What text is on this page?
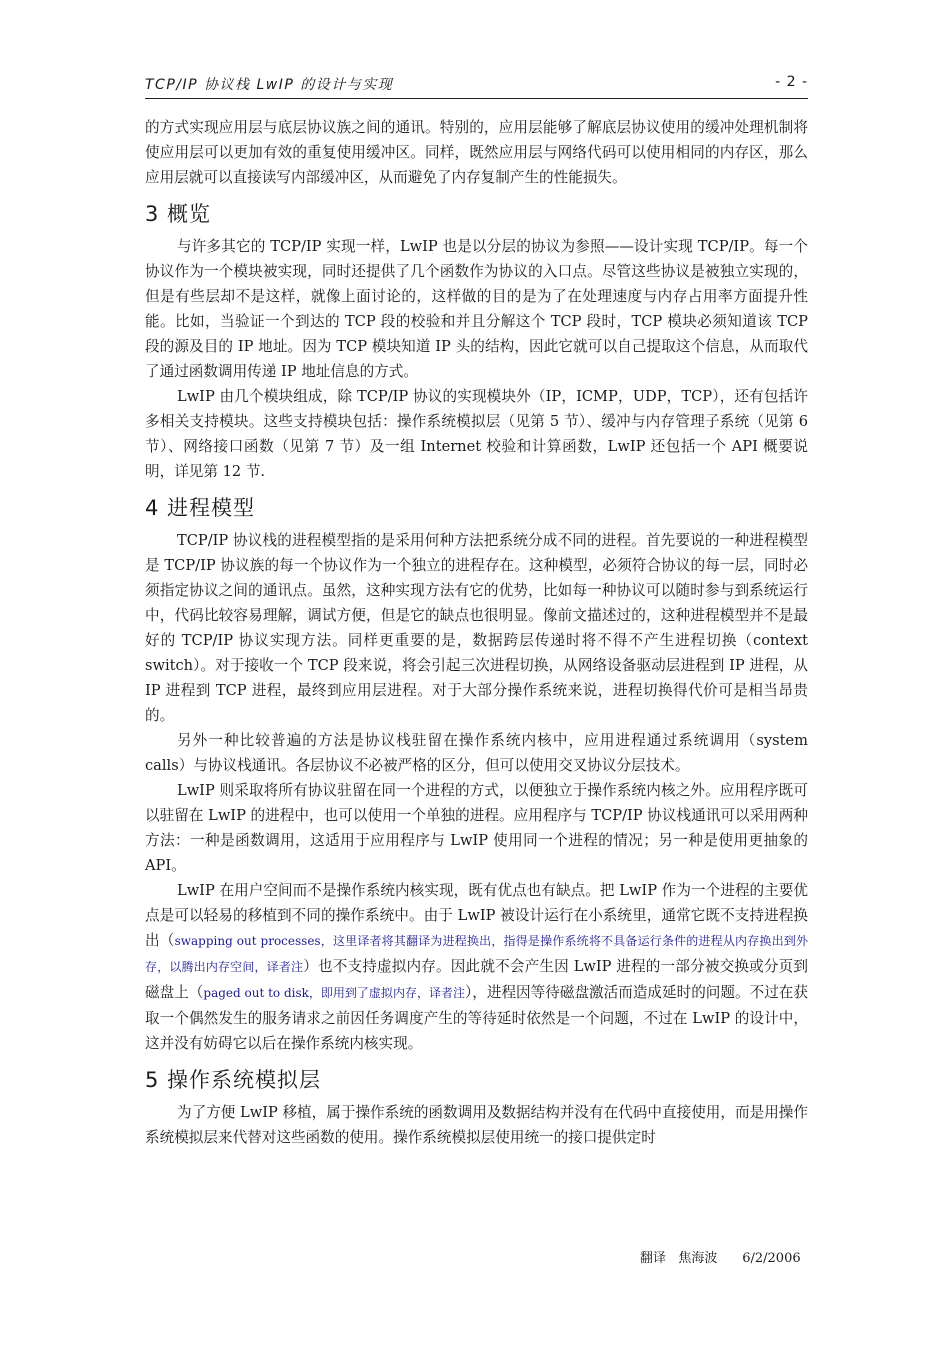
TCP/IP 协议栈 LwIP 的设计与实现	- 2 -

的方式实现应用层与底层协议族之间的通讯。特别的，应用层能够了解底层协议使用的缓冲处理机制将使应用层可以更加有效的重复使用缓冲区。同样，既然应用层与网络代码可以使用相同的内存区，那么应用层就可以直接读写内部缓冲区，从而避免了内存复制产生的性能损失。

3 概览

与许多其它的 TCP/IP 实现一样，LwIP 也是以分层的协议为参照——设计实现 TCP/IP。每一个协议作为一个模块被实现，同时还提供了几个函数作为协议的入口点。尽管这些协议是被独立实现的，但是有些层却不是这样，就像上面讨论的，这样做的目的是为了在处理速度与内存占用率方面提升性能。比如，当验证一个到达的 TCP 段的校验和并且分解这个 TCP 段时，TCP 模块必须知道该 TCP 段的源及目的 IP 地址。因为 TCP 模块知道 IP 头的结构，因此它就可以自己提取这个信息，从而取代了通过函数调用传递 IP 地址信息的方式。

LwIP 由几个模块组成，除 TCP/IP 协议的实现模块外（IP，ICMP，UDP，TCP），还有包括许多相关支持模块。这些支持模块包括：操作系统模拟层（见第 5 节）、缓冲与内存管理子系统（见第 6 节）、网络接口函数（见第 7 节）及一组 Internet 校验和计算函数，LwIP 还包括一个 API 概要说明，详见第 12 节.

4 进程模型

TCP/IP 协议栈的进程模型指的是采用何种方法把系统分成不同的进程。首先要说的一种进程模型是 TCP/IP 协议族的每一个协议作为一个独立的进程存在。这种模型，必须符合协议的每一层，同时必须指定协议之间的通讯点。虽然，这种实现方法有它的优势，比如每一种协议可以随时参与到系统运行中，代码比较容易理解，调试方便，但是它的缺点也很明显。像前文描述过的，这种进程模型并不是最好的 TCP/IP 协议实现方法。同样更重要的是，数据跨层传递时将不得不产生进程切换（context switch）。对于接收一个 TCP 段来说，将会引起三次进程切换，从网络设备驱动层进程到 IP 进程，从 IP 进程到 TCP 进程，最终到应用层进程。对于大部分操作系统来说，进程切换得代价可是相当昂贵的。

另外一种比较普遍的方法是协议栈驻留在操作系统内核中，应用进程通过系统调用（system calls）与协议栈通讯。各层协议不必被严格的区分，但可以使用交叉协议分层技术。

LwIP 则采取将所有协议驻留在同一个进程的方式，以便独立于操作系统内核之外。应用程序既可以驻留在 LwIP 的进程中，也可以使用一个单独的进程。应用程序与 TCP/IP 协议栈通讯可以采用两种方法：一种是函数调用，这适用于应用程序与 LwIP 使用同一个进程的情况；另一种是使用更抽象的 API。

LwIP 在用户空间而不是操作系统内核实现，既有优点也有缺点。把 LwIP 作为一个进程的主要优点是可以轻易的移植到不同的操作系统中。由于 LwIP 被设计运行在小系统里，通常它既不支持进程换出（swapping out processes，这里译者将其翻译为进程换出，指得是操作系统将不具备运行条件的进程从内存换出到外存，以腾出内存空间，译者注）也不支持虚拟内存。因此就不会产生因 LwIP 进程的一部分被交换或分页到磁盘上（paged out to disk，即用到了虚拟内存，译者注），进程因等待磁盘激活而造成延时的问题。不过在获取一个偶然发生的服务请求之前因任务调度产生的等待延时依然是一个问题，不过在 LwIP 的设计中，这并没有妨碍它以后在操作系统内核实现。

5 操作系统模拟层

为了方便 LwIP 移植，属于操作系统的函数调用及数据结构并没有在代码中直接使用，而是用操作系统模拟层来代替对这些函数的使用。操作系统模拟层使用统一的接口提供定时

翻译 焦海波 6/2/2006
